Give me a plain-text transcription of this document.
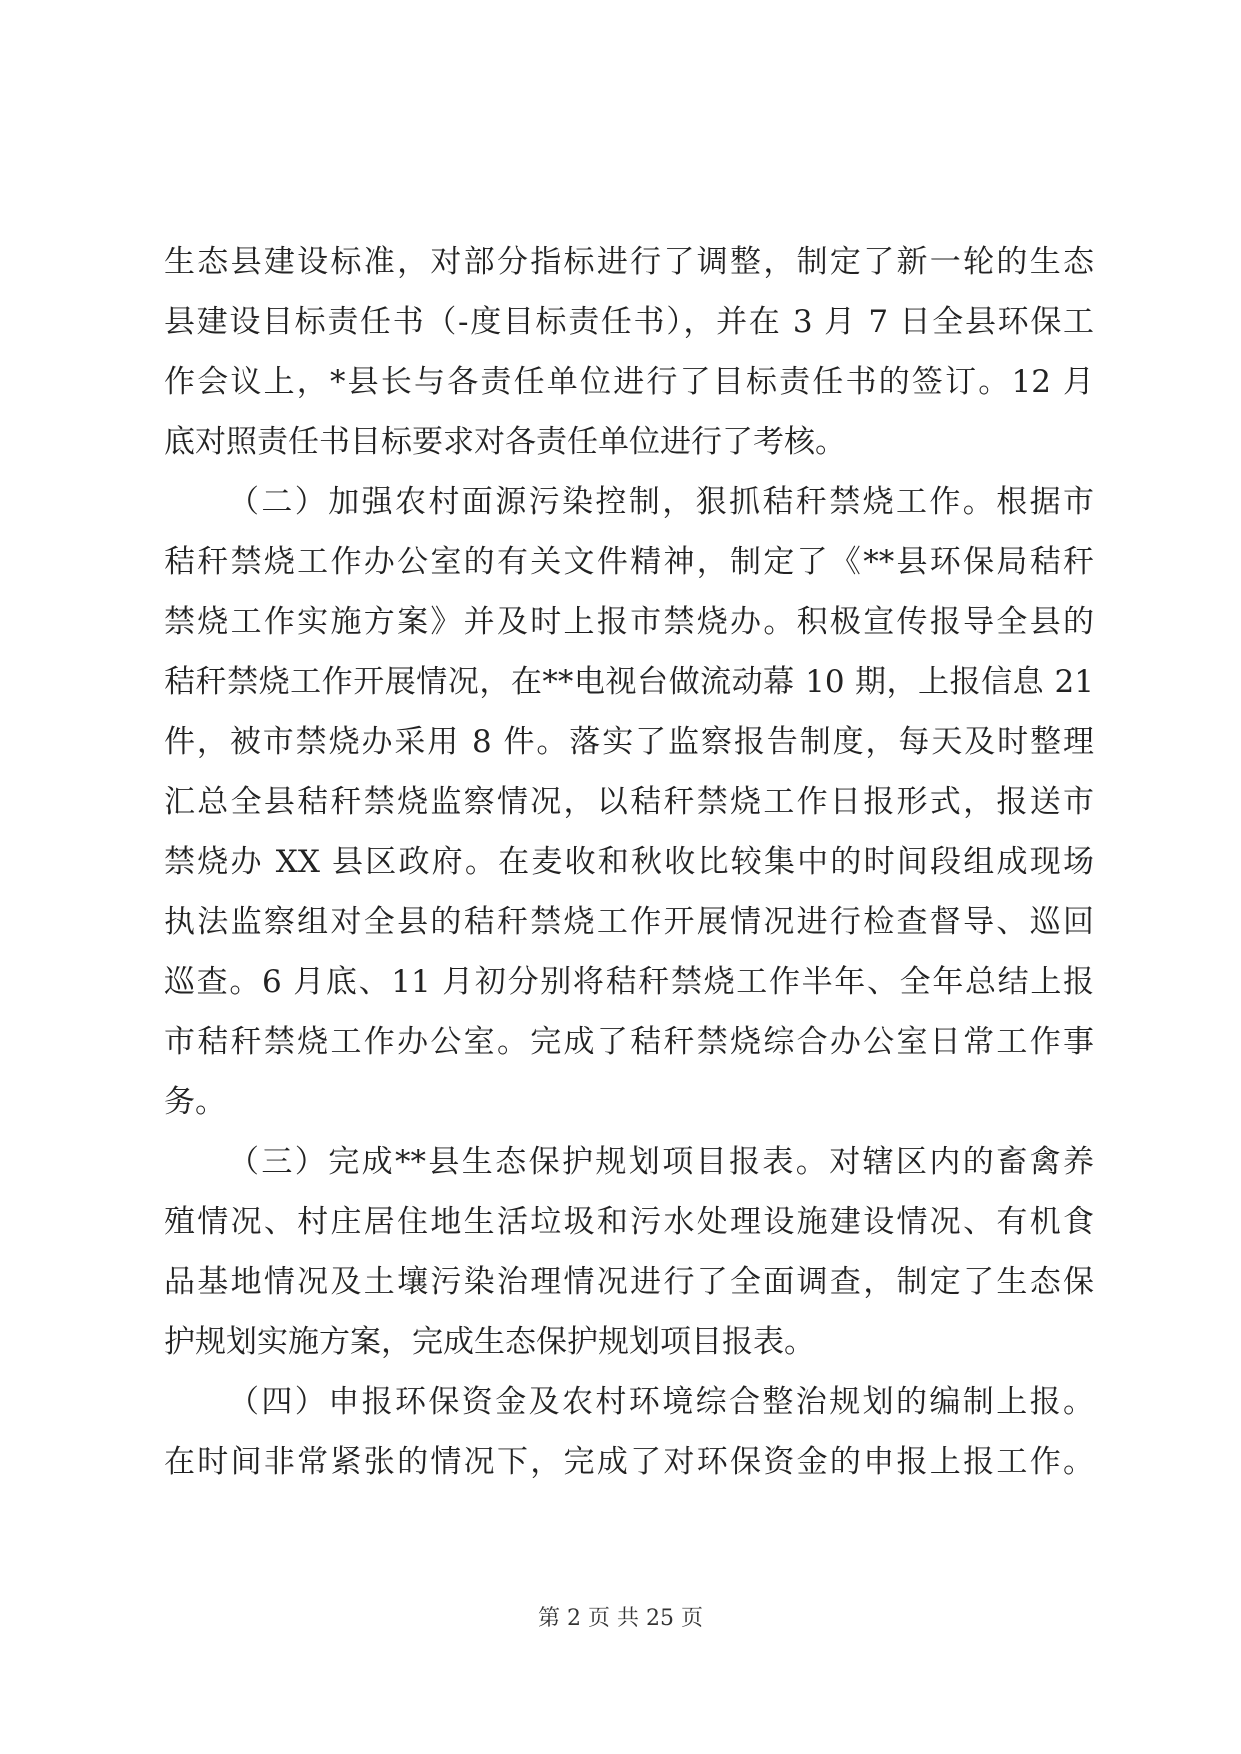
生态县建设标准，对部分指标进行了调整，制定了新一轮的生态
县建设目标责任书（-度目标责任书），并在 3 月 7 日全县环保工
作会议上，*县长与各责任单位进行了目标责任书的签订。12 月
底对照责任书目标要求对各责任单位进行了考核。
（二）加强农村面源污染控制，狠抓秸秆禁烧工作。根据市
秸秆禁烧工作办公室的有关文件精神，制定了《**县环保局秸秆
禁烧工作实施方案》并及时上报市禁烧办。积极宣传报导全县的
秸秆禁烧工作开展情况，在**电视台做流动幕 10 期，上报信息 21
件，被市禁烧办采用 8 件。落实了监察报告制度，每天及时整理
汇总全县秸秆禁烧监察情况，以秸秆禁烧工作日报形式，报送市
禁烧办 XX 县区政府。在麦收和秋收比较集中的时间段组成现场
执法监察组对全县的秸秆禁烧工作开展情况进行检查督导、巡回
巡查。6 月底、11 月初分别将秸秆禁烧工作半年、全年总结上报
市秸秆禁烧工作办公室。完成了秸秆禁烧综合办公室日常工作事
务。
（三）完成**县生态保护规划项目报表。对辖区内的畜禽养
殖情况、村庄居住地生活垃圾和污水处理设施建设情况、有机食
品基地情况及土壤污染治理情况进行了全面调查，制定了生态保
护规划实施方案，完成生态保护规划项目报表。
（四）申报环保资金及农村环境综合整治规划的编制上报。
在时间非常紧张的情况下，完成了对环保资金的申报上报工作。
第 2 页 共 25 页
